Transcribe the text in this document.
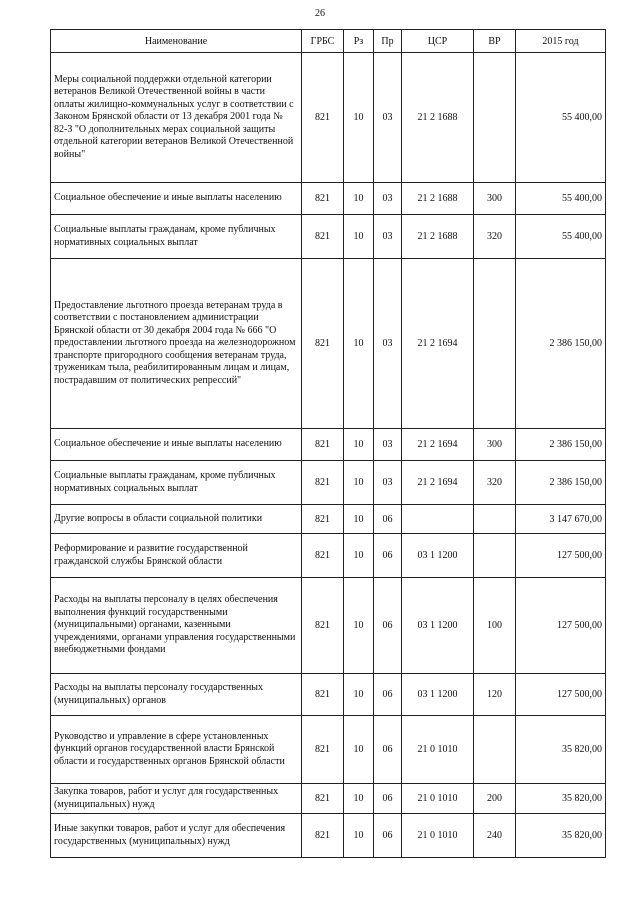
26
Наименование	ГРБС	Рз	Пр	ЦСР	ВР	2015 год
Меры социальной поддержки отдельной категории ветеранов Великой Отечественной войны в части оплаты жилищно-коммунальных услуг в соответствии с Законом Брянской области от 13 декабря 2001 года № 82-З "О дополнительных мерах социальной защиты отдельной категории ветеранов Великой Отечественной войны"	821	10	03	21 2 1688		55 400,00
Социальное обеспечение и иные выплаты населению	821	10	03	21 2 1688	300	55 400,00
Социальные выплаты гражданам, кроме публичных нормативных социальных выплат	821	10	03	21 2 1688	320	55 400,00
Предоставление льготного проезда ветеранам труда в соответствии с постановлением администрации Брянской области от 30 декабря 2004 года № 666 "О предоставлении льготного проезда на железнодорожном транспорте пригородного сообщения ветеранам труда, труженикам тыла, реабилитированным лицам и лицам, пострадавшим от политических репрессий"	821	10	03	21 2 1694		2 386 150,00
Социальное обеспечение и иные выплаты населению	821	10	03	21 2 1694	300	2 386 150,00
Социальные выплаты гражданам, кроме публичных нормативных социальных выплат	821	10	03	21 2 1694	320	2 386 150,00
Другие вопросы в области социальной политики	821	10	06			3 147 670,00
Реформирование и развитие государственной гражданской службы Брянской области	821	10	06	03 1 1200		127 500,00
Расходы на выплаты персоналу в целях обеспечения выполнения функций государственными (муниципальными) органами, казенными учреждениями, органами управления государственными внебюджетными фондами	821	10	06	03 1 1200	100	127 500,00
Расходы на выплаты персоналу государственных (муниципальных) органов	821	10	06	03 1 1200	120	127 500,00
Руководство и управление в сфере установленных функций органов государственной власти Брянской области и государственных органов Брянской области	821	10	06	21 0 1010		35 820,00
Закупка товаров, работ и услуг для государственных (муниципальных) нужд	821	10	06	21 0 1010	200	35 820,00
Иные закупки товаров, работ и услуг для обеспечения государственных (муниципальных) нужд	821	10	06	21 0 1010	240	35 820,00
